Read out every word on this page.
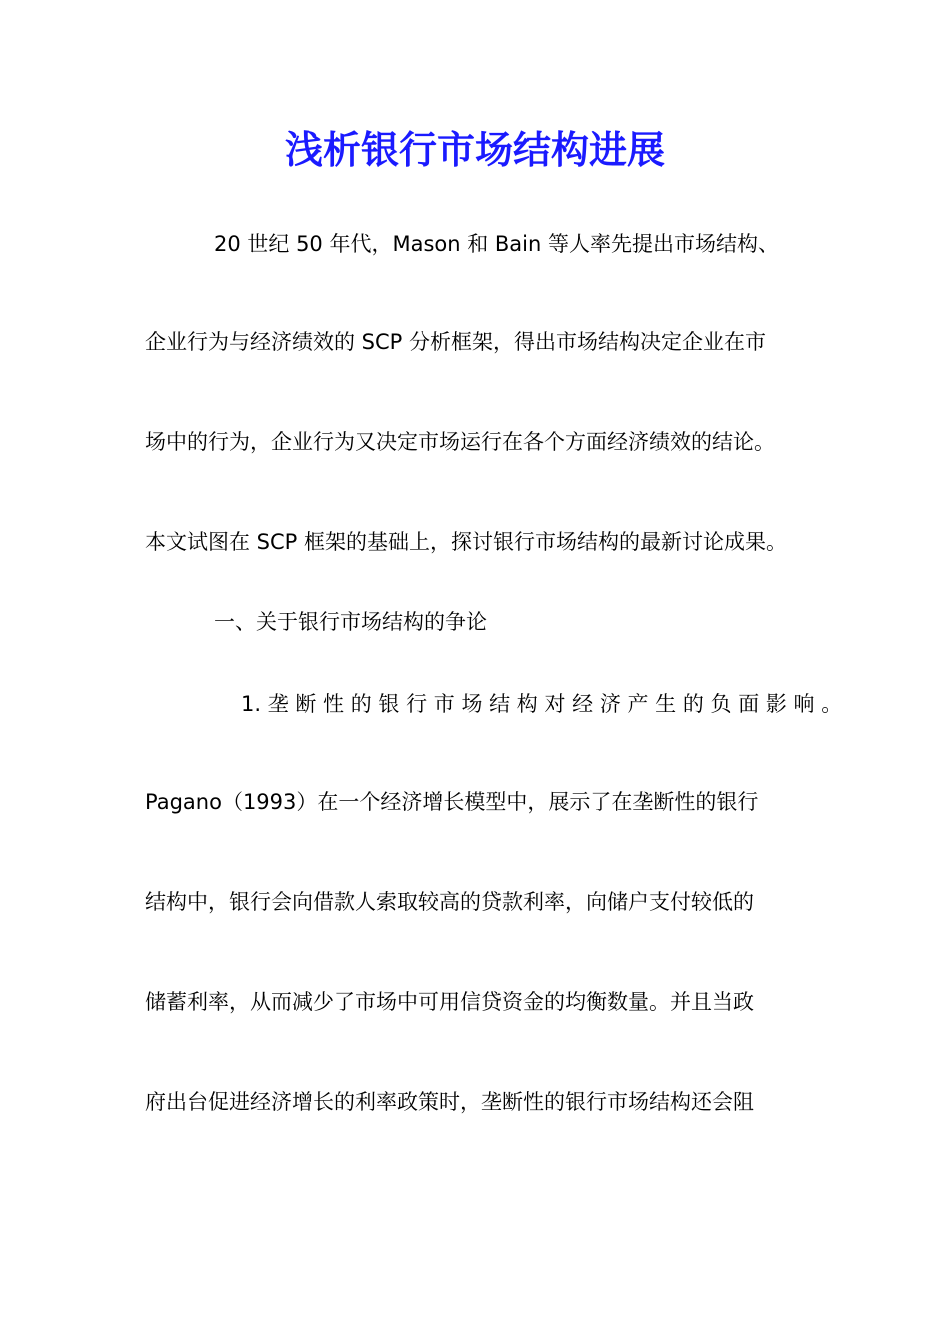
浅析银行市场结构进展
20 世纪 50 年代，Mason 和 Bain 等人率先提出市场结构、
企业行为与经济绩效的 SCP 分析框架，得出市场结构决定企业在市
场中的行为，企业行为又决定市场运行在各个方面经济绩效的结论。
本文试图在 SCP 框架的基础上，探讨银行市场结构的最新讨论成果。
一、关于银行市场结构的争论
1. 垄 断 性 的 银 行 市 场 结 构 对 经 济 产 生 的 负 面 影 响 。
Pagano（1993）在一个经济增长模型中，展示了在垄断性的银行
结构中，银行会向借款人索取较高的贷款利率，向储户支付较低的
储蓄利率，从而减少了市场中可用信贷资金的均衡数量。并且当政
府出台促进经济增长的利率政策时，垄断性的银行市场结构还会阻
